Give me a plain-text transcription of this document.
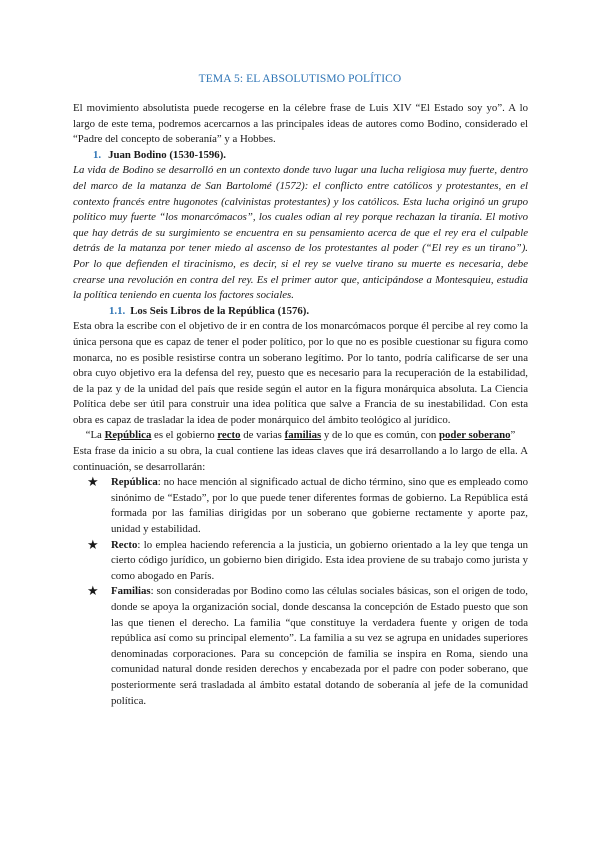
TEMA 5: EL ABSOLUTISMO POLÍTICO

El movimiento absolutista puede recogerse en la célebre frase de Luis XIV “El Estado soy yo”. A lo largo de este tema, podremos acercarnos a las principales ideas de autores como Bodino, considerado el “Padre del concepto de soberanía” y a Hobbes.

1. Juan Bodino (1530-1596).

La vida de Bodino se desarrolló en un contexto donde tuvo lugar una lucha religiosa muy fuerte, dentro del marco de la matanza de San Bartolomé (1572): el conflicto entre católicos y protestantes, en el contexto francés entre hugonotes (calvinistas protestantes) y los católicos. Esta lucha originó un grupo político muy fuerte “los monarcómacos”, los cuales odian al rey porque rechazan la tiranía. El motivo que hay detrás de su surgimiento se encuentra en su pensamiento acerca de que el rey era el culpable detrás de la matanza por tener miedo al ascenso de los protestantes al poder (“El rey es un tirano”). Por lo que defienden el tiracinismo, es decir, si el rey se vuelve tirano su muerte es necesaria, debe crearse una revolución en contra del rey. Es el primer autor que, anticipándose a Montesquieu, estudia la política teniendo en cuenta los factores sociales.

1.1. Los Seis Libros de la República (1576).

Esta obra la escribe con el objetivo de ir en contra de los monarcómacos porque él percibe al rey como la única persona que es capaz de tener el poder político, por lo que no es posible cuestionar su figura como monarca, no es posible resistirse contra un soberano legítimo. Por lo tanto, podría calificarse de ser una obra cuyo objetivo era la defensa del rey, puesto que es necesario para la recuperación de la estabilidad, de la paz y de la unidad del país que reside según el autor en la figura monárquica absoluta. La Ciencia Política debe ser útil para construir una idea política que salve a Francia de su inestabilidad. Con esta obra es capaz de trasladar la idea de poder monárquico del ámbito teológico al jurídico.

“La República es el gobierno recto de varias familias y de lo que es común, con poder soberano”

Esta frase da inicio a su obra, la cual contiene las ideas claves que irá desarrollando a lo largo de ella. A continuación, se desarrollarán:

★ República: no hace mención al significado actual de dicho término, sino que es empleado como sinónimo de “Estado”, por lo que puede tener diferentes formas de gobierno. La República está formada por las familias dirigidas por un soberano que gobierne rectamente y aporte paz, unidad y estabilidad.
★ Recto: lo emplea haciendo referencia a la justicia, un gobierno orientado a la ley que tenga un cierto código jurídico, un gobierno bien dirigido. Esta idea proviene de su trabajo como jurista y como abogado en París.
★ Familias: son consideradas por Bodino como las células sociales básicas, son el origen de todo, donde se apoya la organización social, donde descansa la concepción de Estado puesto que son las que tienen el derecho. La familia “que constituye la verdadera fuente y origen de toda república así como su principal elemento”. La familia a su vez se agrupa en unidades superiores denominadas corporaciones. Para su concepción de familia se inspira en Roma, siendo una comunidad natural donde residen derechos y encabezada por el padre con poder soberano, que posteriormente será trasladada al ámbito estatal dotando de soberanía al jefe de la comunidad política.
